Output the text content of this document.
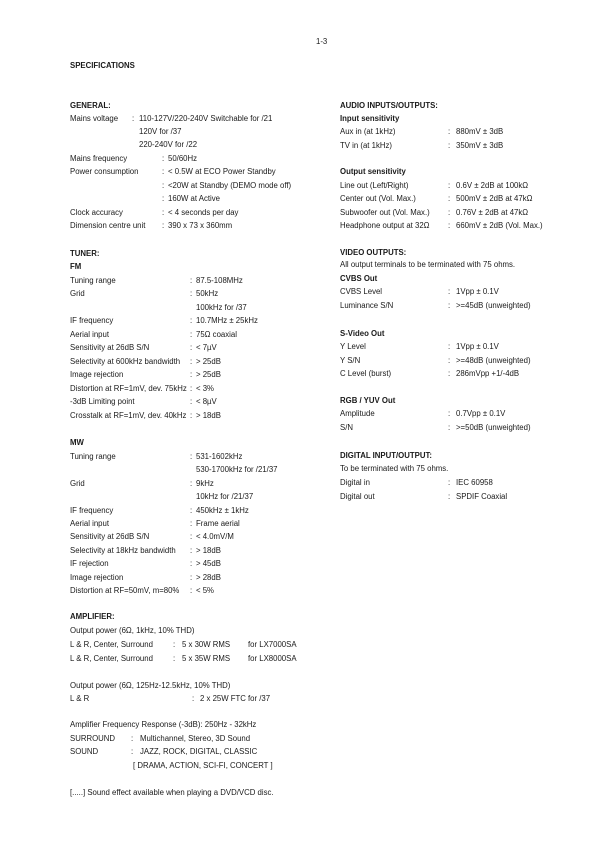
1-3
SPECIFICATIONS
GENERAL:
Mains voltage : 110-127V/220-240V Switchable for /21
120V for /37
220-240V for /22
Mains frequency	: 50/60Hz
Power consumption	: < 0.5W at ECO Power Standby
: <20W at Standby (DEMO mode off)
: 160W at Active
Clock accuracy	: < 4 seconds per day
Dimension centre unit : 390 x 73 x 360mm
TUNER:
FM
Tuning range	: 87.5-108MHz
Grid	: 50kHz
100kHz for /37
IF frequency	: 10.7MHz ± 25kHz
Aerial input	: 75Ω coaxial
Sensitivity at 26dB S/N	: < 7µV
Selectivity at 600kHz bandwidth : > 25dB
Image rejection	: > 25dB
Distortion at RF=1mV, dev. 75kHz : < 3%
-3dB Limiting point	: < 8µV
Crosstalk at RF=1mV, dev. 40kHz : > 18dB
MW
Tuning range	: 531-1602kHz
530-1700kHz for /21/37
Grid	: 9kHz
10kHz for /21/37
IF frequency	: 450kHz ± 1kHz
Aerial input	: Frame aerial
Sensitivity at 26dB S/N	: < 4.0mV/M
Selectivity at 18kHz bandwidth : > 18dB
IF rejection	: > 45dB
Image rejection	: > 28dB
Distortion at RF=50mV, m=80% : < 5%
AMPLIFIER:
Output power (6Ω, 1kHz, 10% THD)
L & R, Center, Surround	: 5 x 30W RMS for LX7000SA
L & R, Center, Surround	: 5 x 35W RMS for LX8000SA
Output power (6Ω, 125Hz-12.5kHz, 10% THD)
L & R	: 2 x 25W FTC for /37
Amplifier Frequency Response (-3dB): 250Hz - 32kHz
SURROUND : Multichannel, Stereo, 3D Sound
SOUND	: JAZZ, ROCK, DIGITAL, CLASSIC
[ DRAMA, ACTION, SCI-FI, CONCERT ]
[.....] Sound effect available when playing a DVD/VCD disc.
AUDIO INPUTS/OUTPUTS:
Input sensitivity
Aux in (at 1kHz)	: 880mV ± 3dB
TV in (at 1kHz)	: 350mV ± 3dB
Output sensitivity
Line out (Left/Right)	: 0.6V ± 2dB at 100kΩ
Center out (Vol. Max.)	: 500mV ± 2dB at 47kΩ
Subwoofer out (Vol. Max.) : 0.76V ± 2dB at 47kΩ
Headphone output at 32Ω : 660mV ± 2dB (Vol. Max.)
VIDEO OUTPUTS:
All output terminals to be terminated with 75 ohms.
CVBS Out
CVBS Level	: 1Vpp ± 0.1V
Luminance S/N	: >=45dB (unweighted)
S-Video Out
Y Level	: 1Vpp ± 0.1V
Y S/N	: >=48dB (unweighted)
C Level (burst)	: 286mVpp +1/-4dB
RGB / YUV Out
Amplitude	: 0.7Vpp ± 0.1V
S/N	: >=50dB (unweighted)
DIGITAL INPUT/OUTPUT:
To be terminated with 75 ohms.
Digital in	: IEC 60958
Digital out	: SPDIF Coaxial
